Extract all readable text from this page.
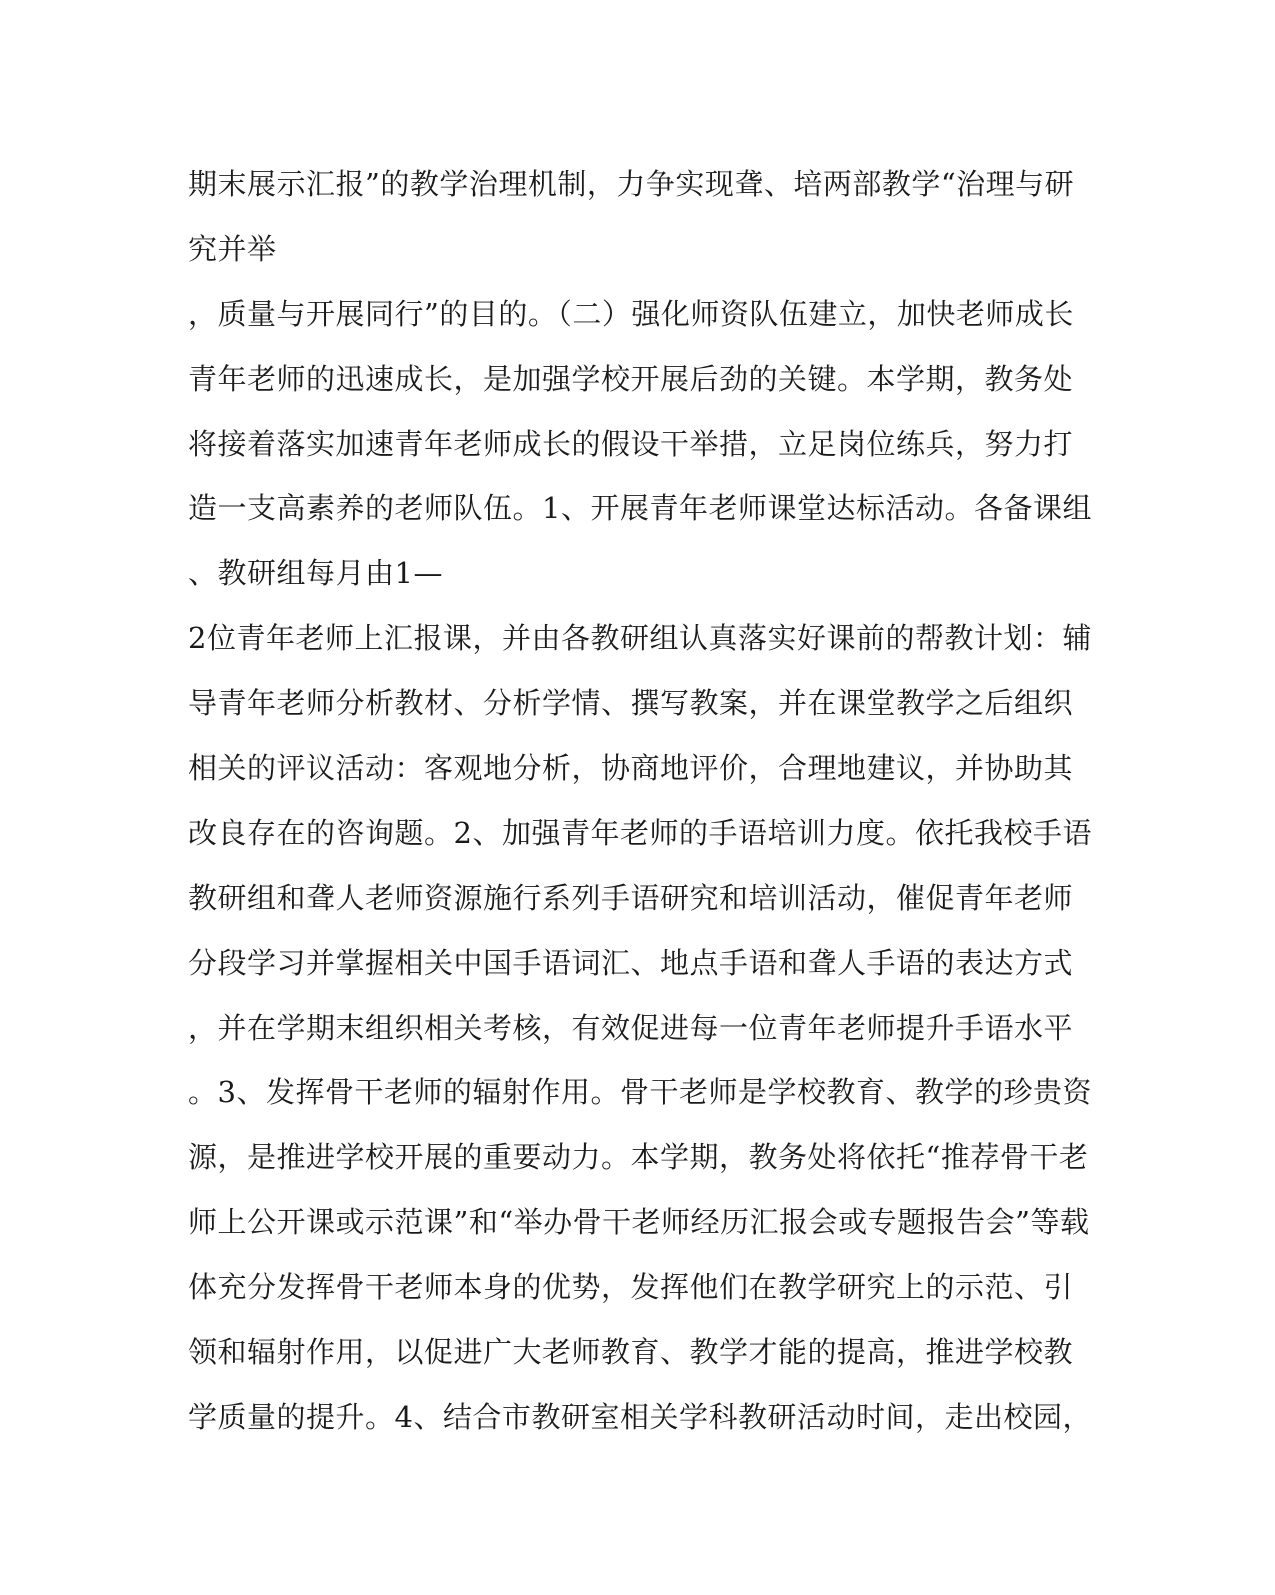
期末展示汇报”的教学治理机制，力争实现聋、培两部教学“治理与研
究并举
，质量与开展同行”的目的。（二）强化师资队伍建立，加快老师成长
青年老师的迅速成长，是加强学校开展后劲的关键。本学期，教务处
将接着落实加速青年老师成长的假设干举措，立足岗位练兵，努力打
造一支高素养的老师队伍。1、开展青年老师课堂达标活动。各备课组
、教研组每月由1—
2位青年老师上汇报课，并由各教研组认真落实好课前的帮教计划：辅
导青年老师分析教材、分析学情、撰写教案，并在课堂教学之后组织
相关的评议活动：客观地分析，协商地评价，合理地建议，并协助其
改良存在的咨询题。2、加强青年老师的手语培训力度。依托我校手语
教研组和聋人老师资源施行系列手语研究和培训活动，催促青年老师
分段学习并掌握相关中国手语词汇、地点手语和聋人手语的表达方式
，并在学期末组织相关考核，有效促进每一位青年老师提升手语水平
。3、发挥骨干老师的辐射作用。骨干老师是学校教育、教学的珍贵资
源，是推进学校开展的重要动力。本学期，教务处将依托“推荐骨干老
师上公开课或示范课”和“举办骨干老师经历汇报会或专题报告会”等载
体充分发挥骨干老师本身的优势，发挥他们在教学研究上的示范、引
领和辐射作用，以促进广大老师教育、教学才能的提高，推进学校教
学质量的提升。4、结合市教研室相关学科教研活动时间，走出校园，
